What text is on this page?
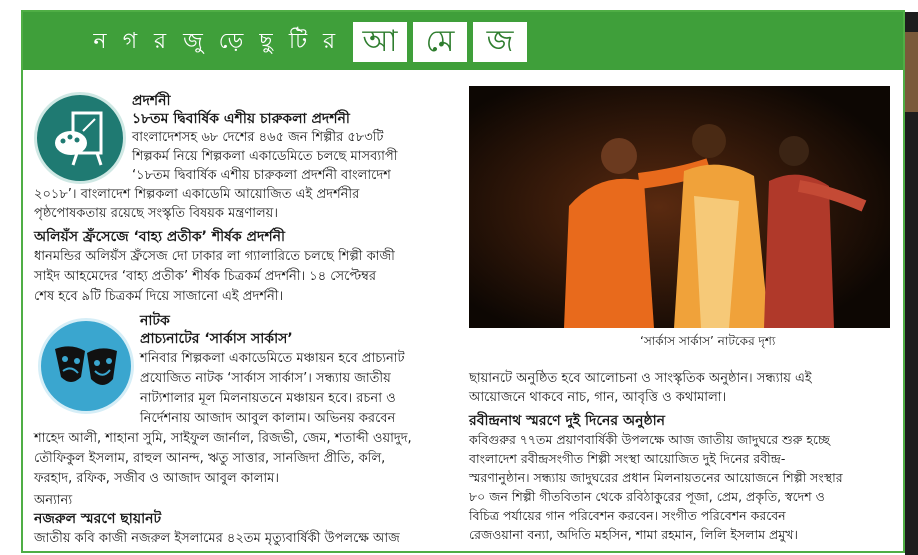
ন গ র জু ড়ে ছু টি র আ মে	জ
প্রদর্শনী
১৮তম দ্বিবার্ষিক এশীয় চারুকলা প্রদর্শনী
বাংলাদেশসহ ৬৮ দেশের ৪৬৫ জন শিল্পীর ৫৮৩টি
শিল্পকর্ম নিয়ে শিল্পকলা একাডেমিতে চলছে মাসব্যাপী
‘১৮তম দ্বিবার্ষিক এশীয় চারুকলা প্রদর্শনী বাংলাদেশ
২০১৮’। বাংলাদেশ শিল্পকলা একাডেমি আয়োজিত এই প্রদর্শনীর
পৃষ্ঠপোষকতায় রয়েছে সংস্কৃতি বিষয়ক মন্ত্রণালয়।
অলিয়ঁস ফ্রঁসেজে ‘বাহ্য প্রতীক’ শীর্ষক প্রদর্শনী
ধানমন্ডির অলিয়ঁস ফ্রঁসেজ দো ঢাকার লা গ্যালারিতে চলছে শিল্পী কাজী
সাইদ আহমেদের ‘বাহ্য প্রতীক’ শীর্ষক চিত্রকর্ম প্রদর্শনী। ১৪ সেপ্টেম্বর
শেষ হবে ৯টি চিত্রকর্ম দিয়ে সাজানো এই প্রদর্শনী।
নাটক
প্রাচ্যনাটের ‘সার্কাস সার্কাস’
শনিবার শিল্পকলা একাডেমিতে মঞ্চায়ন হবে প্রাচ্যনাট
প্রযোজিত নাটক ‘সার্কাস সার্কাস’। সন্ধ্যায় জাতীয়
নাট্যশালার মূল মিলনায়তনে মঞ্চায়ন হবে। রচনা ও
নির্দেশনায় আজাদ আবুল কালাম। অভিনয় করবেন
শাহেদ আলী, শাহানা সুমি, সাইফুল জার্নাল, রিজভী, জেম, শতাব্দী ওয়াদুদ,
তৌফিকুল ইসলাম, রাহুল আনন্দ, ঋতু সাত্তার, সানজিদা প্রীতি, কলি,
ফরহাদ, রফিক, সজীব ও আজাদ আবুল কালাম।
অন্যান্য
নজরুল স্মরণে ছায়ানট
জাতীয় কবি কাজী নজরুল ইসলামের ৪২তম মৃত্যুবার্ষিকী উপলক্ষে আজ
‘সার্কাস সার্কাস’ নাটকের দৃশ্য
ছায়ানটে অনুষ্ঠিত হবে আলোচনা ও সাংস্কৃতিক অনুষ্ঠান। সন্ধ্যায় এই
আয়োজনে থাকবে নাচ, গান, আবৃত্তি ও কথামালা।
রবীন্দ্রনাথ স্মরণে দুই দিনের অনুষ্ঠান
কবিগুরুর ৭৭তম প্রয়াণবার্ষিকী উপলক্ষে আজ জাতীয় জাদুঘরে শুরু হচ্ছে
বাংলাদেশ রবীন্দ্রসংগীত শিল্পী সংস্থা আয়োজিত দুই দিনের রবীন্দ্র-
স্মরণানুষ্ঠান। সন্ধ্যায় জাদুঘরের প্রধান মিলনায়তনের আয়োজনে শিল্পী সংস্থার
৮০ জন শিল্পী গীতবিতান থেকে রবিঠাকুরের পূজা, প্রেম, প্রকৃতি, স্বদেশ ও
বিচিত্র পর্যায়ের গান পরিবেশন করবেন। সংগীত পরিবেশন করবেন
রেজওয়ানা বন্যা, অদিতি মহসিন, শামা রহমান, লিলি ইসলাম প্রমুখ।
